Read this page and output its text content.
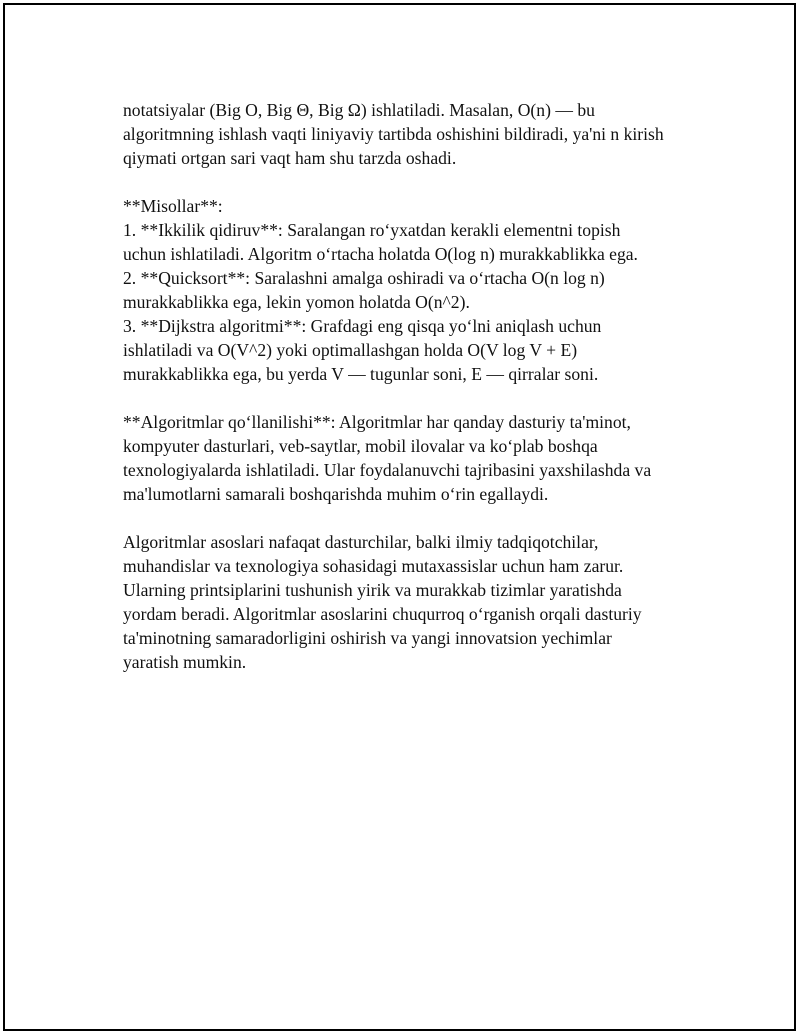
notatsiyalar (Big O, Big Θ, Big Ω) ishlatiladi. Masalan, O(n) — bu
algoritmning ishlash vaqti liniyaviy tartibda oshishini bildiradi, ya'ni n kirish
qiymati ortgan sari vaqt ham shu tarzda oshadi.

**Misollar**:
1. **Ikkilik qidiruv**: Saralangan roʻyxatdan kerakli elementni topish
uchun ishlatiladi. Algoritm oʻrtacha holatda O(log n) murakkablikka ega.
2. **Quicksort**: Saralashni amalga oshiradi va oʻrtacha O(n log n)
murakkablikka ega, lekin yomon holatda O(n^2).
3. **Dijkstra algoritmi**: Grafdagi eng qisqa yoʻlni aniqlash uchun
ishlatiladi va O(V^2) yoki optimallashgan holda O(V log V + E)
murakkablikka ega, bu yerda V — tugunlar soni, E — qirralar soni.

**Algoritmlar qoʻllanilishi**: Algoritmlar har qanday dasturiy ta'minot,
kompyuter dasturlari, veb-saytlar, mobil ilovalar va koʻplab boshqa
texnologiyalarda ishlatiladi. Ular foydalanuvchi tajribasini yaxshilashda va
ma'lumotlarni samarali boshqarishda muhim oʻrin egallaydi.

Algoritmlar asoslari nafaqat dasturchilar, balki ilmiy tadqiqotchilar,
muhandislar va texnologiya sohasidagi mutaxassislar uchun ham zarur.
Ularning printsiplarini tushunish yirik va murakkab tizimlar yaratishda
yordam beradi. Algoritmlar asoslarini chuqurroq oʻrganish orqali dasturiy
ta'minotning samaradorligini oshirish va yangi innovatsion yechimlar
yaratish mumkin.
